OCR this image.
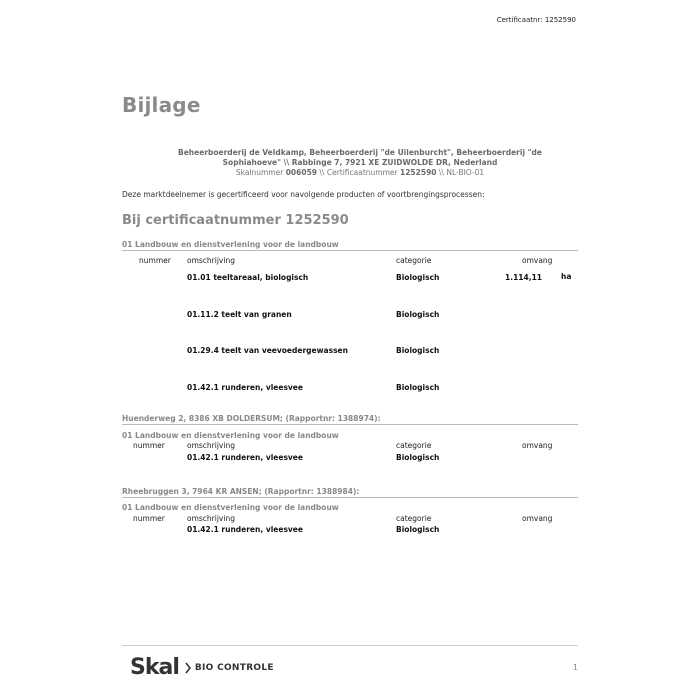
Certificaatnr: 1252590
Bijlage
Beheerboerderij de Veldkamp, Beheerboerderij "de Uilenburcht", Beheerboerderij "de
Sophiahoeve" \\ Rabbinge 7, 7921 XE ZUIDWOLDE DR, Nederland
Skalnummer 006059 \\ Certificaatnummer 1252590 \\ NL-BIO-01
Deze marktdeelnemer is gecertificeerd voor navolgende producten of voortbrengingsprocessen:
Bij certificaatnummer 1252590
01 Landbouw en dienstverlening voor de landbouw
nummer omschrijving	categorie	omvang
01.01 teeltareaal, biologisch	Biologisch	1.114,11	ha
01.11.2 teelt van granen	Biologisch
01.29.4 teelt van veevoedergewassen	Biologisch
01.42.1 runderen, vleesvee	Biologisch
Huenderweg 2, 8386 XB DOLDERSUM; (Rapportnr: 1388974):
01 Landbouw en dienstverlening voor de landbouw
nummer	omschrijving	categorie	omvang
01.42.1 runderen, vleesvee	Biologisch
Rheebruggen 3, 7964 KR ANSEN; (Rapportnr: 1388984):
01 Landbouw en dienstverlening voor de landbouw
nummer	omschrijving	categorie	omvang
01.42.1 runderen, vleesvee	Biologisch
Skal BIO CONTROLE	1
